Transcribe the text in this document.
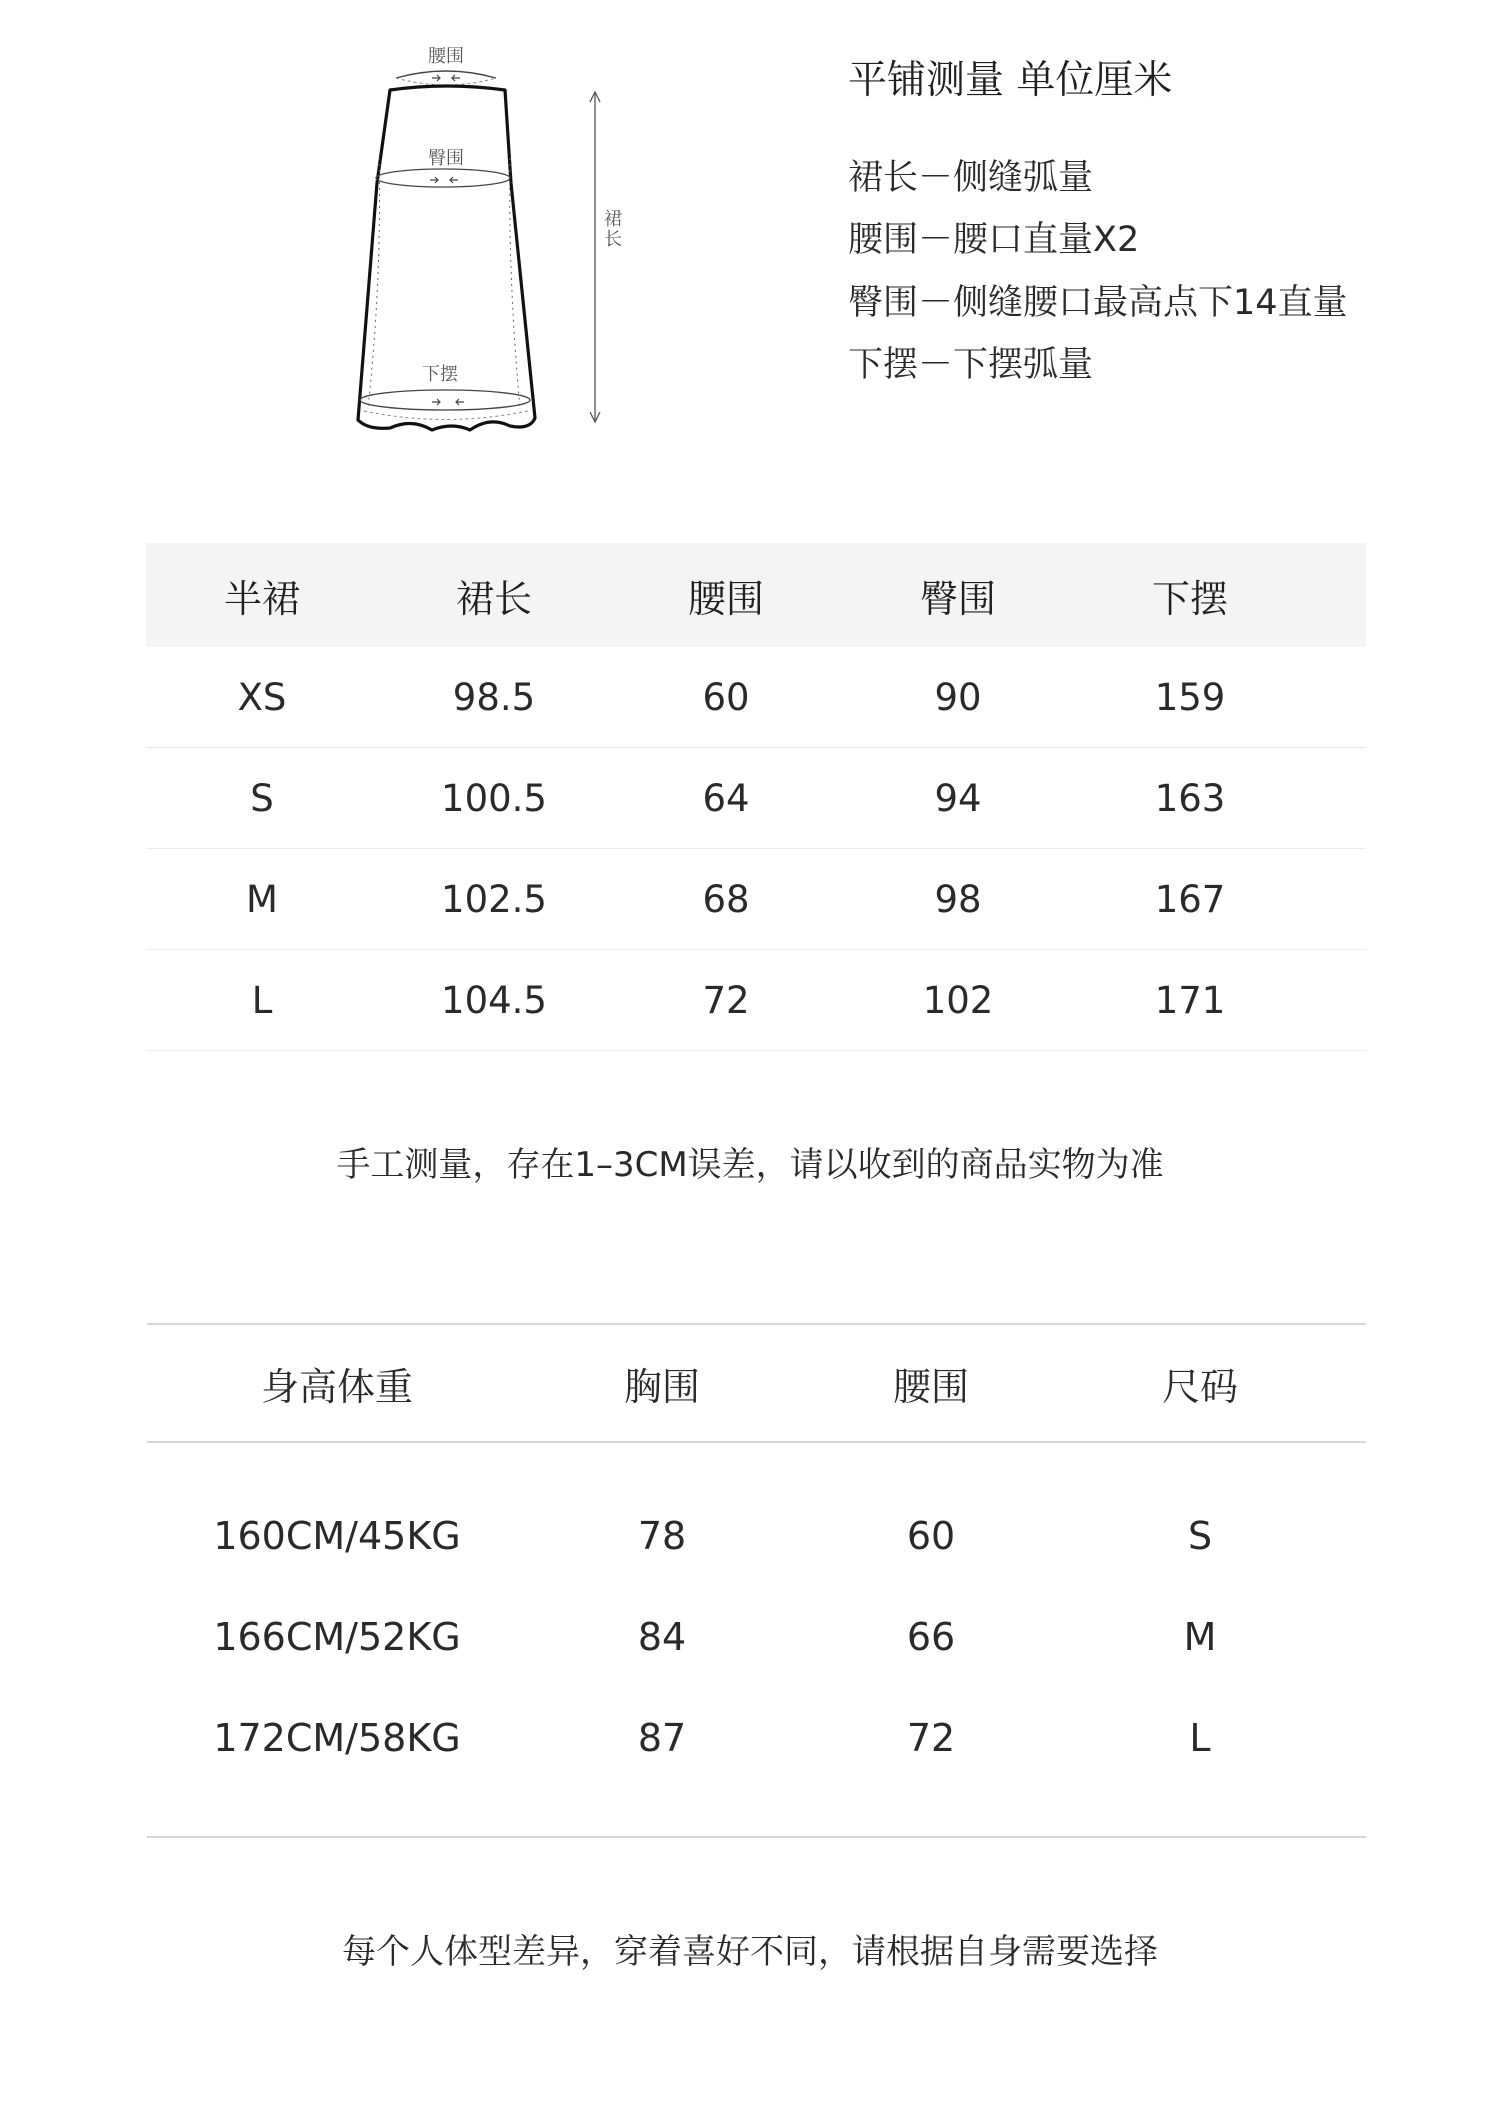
腰围
臀围
裙长
下摆
平铺测量 单位厘米
裙长－侧缝弧量
腰围－腰口直量X2
臀围－侧缝腰口最高点下14直量
下摆－下摆弧量
半裙	裙长	腰围	臀围	下摆
XS	98.5	60	90	159
S	100.5	64	94	163
M	102.5	68	98	167
L	104.5	72	102	171
手工测量，存在1–3CM误差，请以收到的商品实物为准
身高体重	胸围	腰围	尺码
160CM/45KG	78	60	S
166CM/52KG	84	66	M
172CM/58KG	87	72	L
每个人体型差异，穿着喜好不同，请根据自身需要选择
